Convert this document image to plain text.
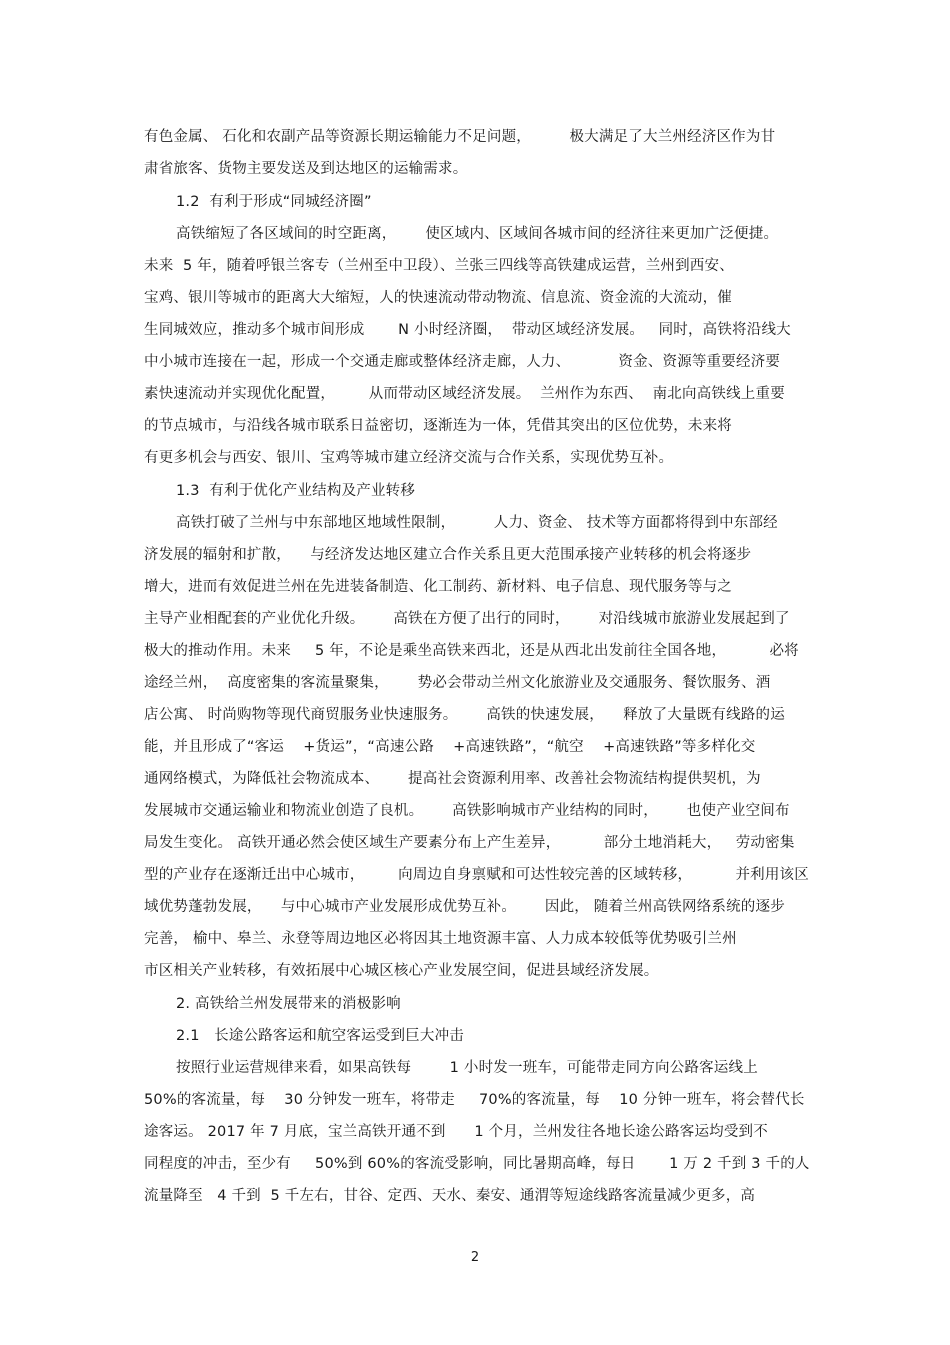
有色金属、 石化和农副产品等资源长期运输能力不足问题，        极大满足了大兰州经济区作为甘
肃省旅客、货物主要发送及到达地区的运输需求。
1.2  有利于形成“同城经济圈”
高铁缩短了各区域间的时空距离，      使区域内、区域间各城市间的经济往来更加广泛便捷。
未来  5 年，随着呼银兰客专（兰州至中卫段）、兰张三四线等高铁建成运营，兰州到西安、
宝鸡、银川等城市的距离大大缩短，人的快速流动带动物流、信息流、资金流的大流动，催
生同城效应，推动多个城市间形成       N 小时经济圈，  带动区域经济发展。   同时，高铁将沿线大
中小城市连接在一起，形成一个交通走廊或整体经济走廊，人力、          资金、资源等重要经济要
素快速流动并实现优化配置，       从而带动区域经济发展。  兰州作为东西、  南北向高铁线上重要
的节点城市，与沿线各城市联系日益密切，逐渐连为一体，凭借其突出的区位优势，未来将
有更多机会与西安、银川、宝鸡等城市建立经济交流与合作关系，实现优势互补。
1.3  有利于优化产业结构及产业转移
高铁打破了兰州与中东部地区地域性限制，        人力、资金、 技术等方面都将得到中东部经
济发展的辐射和扩散，    与经济发达地区建立合作关系且更大范围承接产业转移的机会将逐步
增大，进而有效促进兰州在先进装备制造、化工制药、新材料、电子信息、现代服务等与之
主导产业相配套的产业优化升级。      高铁在方便了出行的同时，      对沿线城市旅游业发展起到了
极大的推动作用。未来     5 年，不论是乘坐高铁来西北，还是从西北出发前往全国各地，         必将
途经兰州，  高度密集的客流量聚集，      势必会带动兰州文化旅游业及交通服务、餐饮服务、酒
店公寓、 时尚购物等现代商贸服务业快速服务。      高铁的快速发展，    释放了大量既有线路的运
能，并且形成了“客运    +货运”，“高速公路    +高速铁路”，“航空    +高速铁路”等多样化交
通网络模式，为降低社会物流成本、      提高社会资源利用率、改善社会物流结构提供契机，为
发展城市交通运输业和物流业创造了良机。      高铁影响城市产业结构的同时，      也使产业空间布
局发生变化。 高铁开通必然会使区域生产要素分布上产生差异，         部分土地消耗大，   劳动密集
型的产业存在逐渐迁出中心城市，       向周边自身禀赋和可达性较完善的区域转移，         并利用该区
域优势蓬勃发展，    与中心城市产业发展形成优势互补。      因此， 随着兰州高铁网络系统的逐步
完善， 榆中、皋兰、永登等周边地区必将因其土地资源丰富、人力成本较低等优势吸引兰州
市区相关产业转移，有效拓展中心城区核心产业发展空间，促进县域经济发展。
2. 高铁给兰州发展带来的消极影响
2.1   长途公路客运和航空客运受到巨大冲击
按照行业运营规律来看，如果高铁每        1 小时发一班车，可能带走同方向公路客运线上
50%的客流量，每    30 分钟发一班车，将带走     70%的客流量，每    10 分钟一班车，将会替代长
途客运。 2017 年 7 月底，宝兰高铁开通不到      1 个月，兰州发往各地长途公路客运均受到不
同程度的冲击，至少有     50%到 60%的客流受影响，同比暑期高峰，每日       1 万 2 千到 3 千的人
流量降至   4 千到  5 千左右，甘谷、定西、天水、秦安、通渭等短途线路客流量减少更多，高
2
